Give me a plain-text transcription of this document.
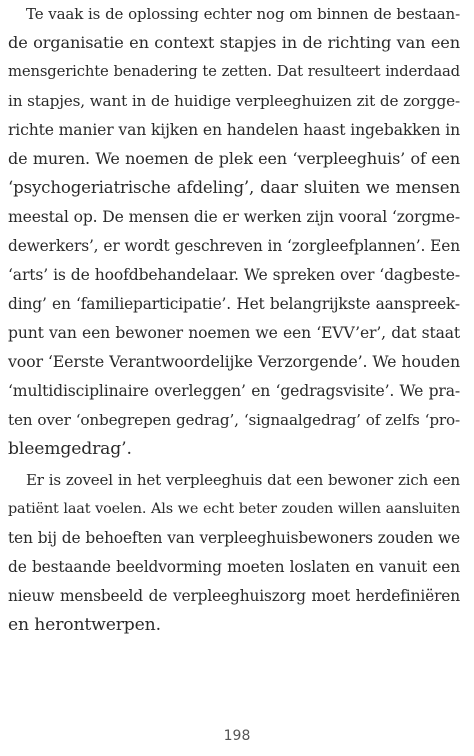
Te vaak is de oplossing echter nog om binnen de bestaan-
de organisatie en context stapjes in de richting van een
mensgerichte benadering te zetten. Dat resulteert inderdaad
in stapjes, want in de huidige verpleeghuizen zit de zorgge-
richte manier van kijken en handelen haast ingebakken in
de muren. We noemen de plek een ‘verpleeghuis’ of een
‘psychogeriatrische afdeling’, daar sluiten we mensen
meestal op. De mensen die er werken zijn vooral ‘zorgme-
dewerkers’, er wordt geschreven in ‘zorgleefplannen’. Een
‘arts’ is de hoofdbehandelaar. We spreken over ‘dagbeste-
ding’ en ‘familieparticipatie’. Het belangrijkste aanspreek-
punt van een bewoner noemen we een ‘EVV’er’, dat staat
voor ‘Eerste Verantwoordelijke Verzorgende’. We houden
‘multidisciplinaire overleggen’ en ‘gedragsvisite’. We pra-
ten over ‘onbegrepen gedrag’, ‘signaalgedrag’ of zelfs ‘pro-
bleemgedrag’.
Er is zoveel in het verpleeghuis dat een bewoner zich een
patiënt laat voelen. Als we echt beter zouden willen aansluiten
ten bij de behoeften van verpleeghuisbewoners zouden we
de bestaande beeldvorming moeten loslaten en vanuit een
nieuw mensbeeld de verpleeghuiszorg moet herdefiniëren
en herontwerpen.
198
